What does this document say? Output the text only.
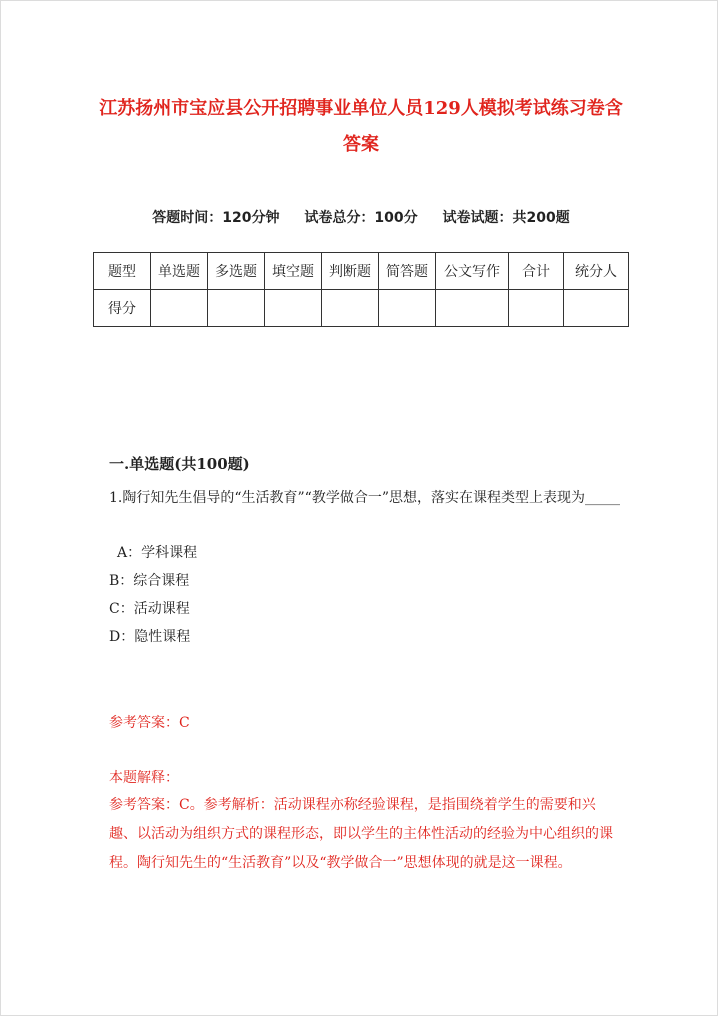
江苏扬州市宝应县公开招聘事业单位人员129人模拟考试练习卷含答案
答题时间：120分钟 试卷总分：100分 试卷试题：共200题
题型	单选题	多选题	填空题	判断题	简答题	公文写作	合计	统分人
得分								
一.单选题(共100题)
1.陶行知先生倡导的“生活教育”“教学做合一”思想，落实在课程类型上表现为_____
A：学科课程
B：综合课程
C：活动课程
D：隐性课程
参考答案：C
本题解释：
参考答案：C。参考解析：活动课程亦称经验课程，是指围绕着学生的需要和兴趣、以活动为组织方式的课程形态，即以学生的主体性活动的经验为中心组织的课程。陶行知先生的“生活教育”以及“教学做合一”思想体现的就是这一课程。
